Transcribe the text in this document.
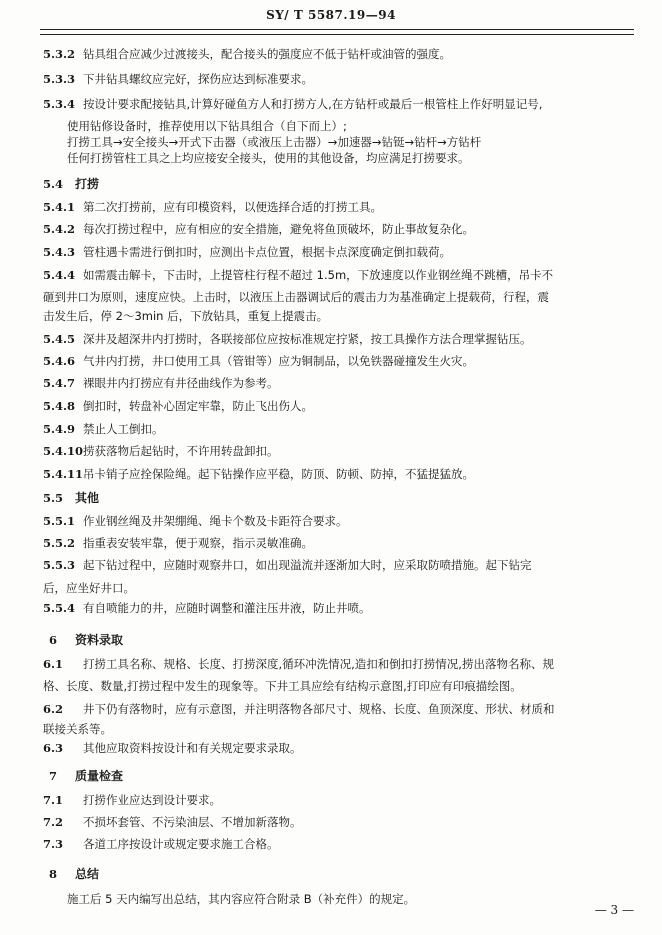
SY/ T 5587.19—94
5.3.2 钻具组合应减少过渡接头，配合接头的强度应不低于钻杆或油管的强度。
5.3.3 下井钻具螺纹应完好，探伤应达到标准要求。
5.3.4 按设计要求配接钻具,计算好碰鱼方人和打捞方人,在方钻杆或最后一根管柱上作好明显记号,
使用钻修设备时，推荐使用以下钻具组合（自下而上）;
打捞工具→安全接头→开式下击器（或液压上击器）→加速器→钻铤→钻杆→方钻杆
任何打捞管柱工具之上均应接安全接头，使用的其他设备，均应满足打捞要求。
5.4 打捞
5.4.1 第二次打捞前，应有印模资料，以便选择合适的打捞工具。
5.4.2 每次打捞过程中，应有相应的安全措施，避免将鱼顶破坏，防止事故复杂化。
5.4.3 管柱遇卡需进行倒扣时，应测出卡点位置，根据卡点深度确定倒扣载荷。
5.4.4 如需震击解卡，下击时，上提管柱行程不超过 1.5m，下放速度以作业钢丝绳不跳槽，吊卡不
砸到井口为原则，速度应快。上击时，以液压上击器调试后的震击力为基准确定上提载荷，行程，震
击发生后，停 2～3min 后，下放钻具，重复上提震击。
5.4.5 深井及超深井内打捞时，各联接部位应按标准规定拧紧，按工具操作方法合理掌握钻压。
5.4.6 气井内打捞，井口使用工具（管钳等）应为铜制品，以免铁器碰撞发生火灾。
5.4.7 裸眼井内打捞应有井径曲线作为参考。
5.4.8 倒扣时，转盘补心固定牢靠，防止飞出伤人。
5.4.9 禁止人工倒扣。
5.4.10捞获落物后起钻时，不许用转盘卸扣。
5.4.11吊卡销子应拴保险绳。起下钻操作应平稳，防顶、防顿、防掉，不猛提猛放。
5.5 其他
5.5.1 作业钢丝绳及井架绷绳、绳卡个数及卡距符合要求。
5.5.2 指重表安装牢靠，便于观察，指示灵敏准确。
5.5.3 起下钻过程中，应随时观察井口，如出现溢流并逐渐加大时，应采取防喷措施。起下钻完
后，应坐好井口。
5.5.4 有自喷能力的井，应随时调整和灌注压井液，防止井喷。
6 资料录取
6.1 打捞工具名称、规格、长度、打捞深度,循环冲洗情况,造扣和倒扣打捞情况,捞出落物名称、规
格、长度、数量,打捞过程中发生的现象等。下井工具应绘有结构示意图,打印应有印痕描绘图。
6.2 井下仍有落物时，应有示意图，并注明落物各部尺寸、规格、长度、鱼顶深度、形状、材质和
联接关系等。
6.3 其他应取资料按设计和有关规定要求录取。
7 质量检查
7.1 打捞作业应达到设计要求。
7.2 不损坏套管、不污染油层、不增加新落物。
7.3 各道工序按设计或规定要求施工合格。
8 总结
施工后 5 天内编写出总结，其内容应符合附录 B（补充件）的规定。
— 3 —
